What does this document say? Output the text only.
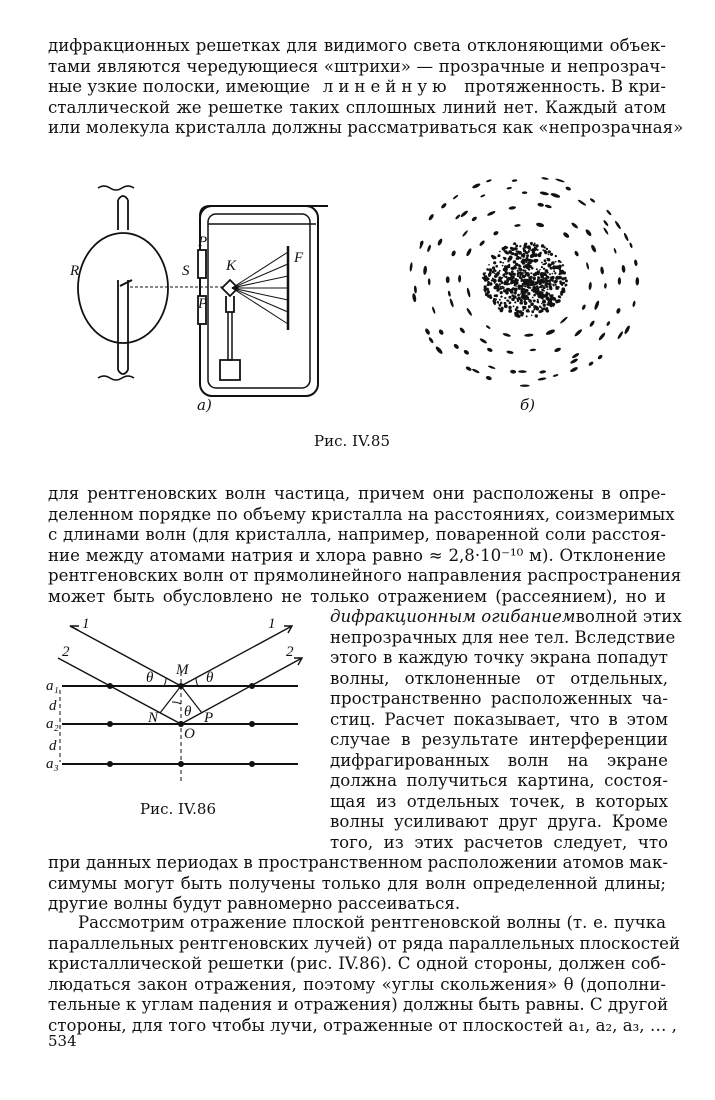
дифракционных решетках для видимого света отклоняющими объек-
тами являются чередующиеся «штрихи» — прозрачные и непрозрач-
ные узкие полоски, имеющие линейную протяженность. В кри-
сталлической же решетке таких сплошных линий нет. Каждый атом
или молекула кристалла должны рассматриваться как «непрозрачная»
R	S
P
P
K	F
а)	б)
Рис. IV.85
для рентгеновских волн частица, причем они расположены в опре-
деленном порядке по объему кристалла на расстояниях, соизмеримых
с длинами волн (для кристалла, например, поваренной соли расстоя-
ние между атомами натрия и хлора равно ≈ 2,8·10⁻¹⁰ м). Отклонение
рентгеновских волн от прямолинейного направления распространения
может быть обусловлено не только отражением (рассеянием), но и
1
2
1
2
M
N	P
O
θ	θ
θ
a₁
a₂
a₃
d
d
Рис. IV.86
дифракционным огибанием волной этих
непрозрачных для нее тел. Вследствие
этого в каждую точку экрана попадут
волны, отклоненные от отдельных,
пространственно расположенных ча-
стиц. Расчет показывает, что в этом
случае в результате интерференции
дифрагированных волн на экране
должна получиться картина, состоя-
щая из отдельных точек, в которых
волны усиливают друг друга. Кроме
того, из этих расчетов следует, что
при данных периодах в пространственном расположении атомов мак-
симумы могут быть получены только для волн определенной длины;
другие волны будут равномерно рассеиваться.
Рассмотрим отражение плоской рентгеновской волны (т. е. пучка
параллельных рентгеновских лучей) от ряда параллельных плоскостей
кристаллической решетки (рис. IV.86). С одной стороны, должен соб-
людаться закон отражения, поэтому «углы скольжения» θ (дополни-
тельные к углам падения и отражения) должны быть равны. С другой
стороны, для того чтобы лучи, отраженные от плоскостей a₁, a₂, a₃, … ,
534
